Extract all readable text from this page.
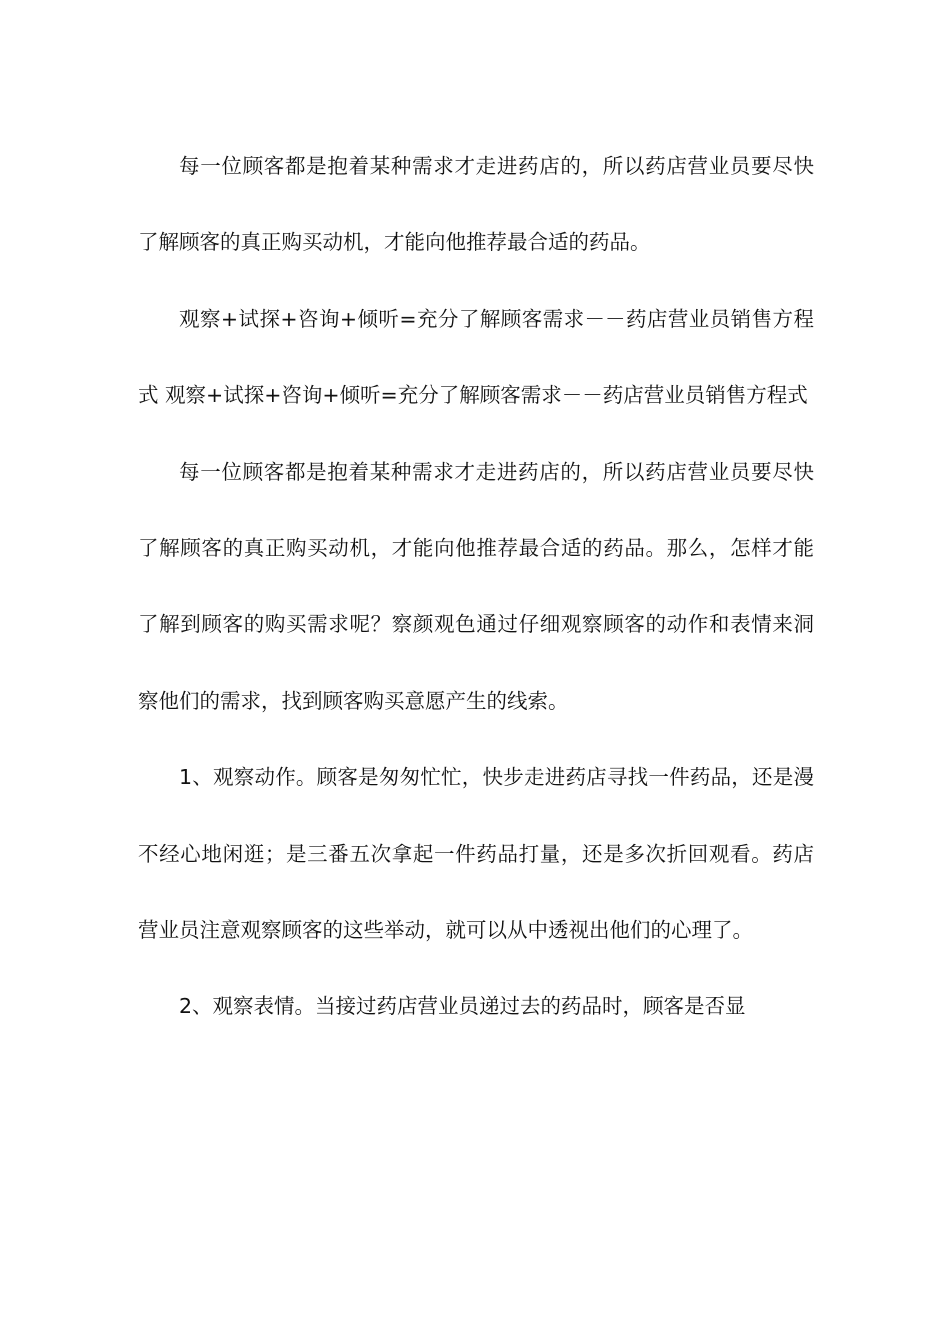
每一位顾客都是抱着某种需求才走进药店的，所以药店营业员要尽快了解顾客的真正购买动机，才能向他推荐最合适的药品。

观察+试探+咨询+倾听=充分了解顾客需求－－药店营业员销售方程式 观察+试探+咨询+倾听=充分了解顾客需求－－药店营业员销售方程式

每一位顾客都是抱着某种需求才走进药店的，所以药店营业员要尽快了解顾客的真正购买动机，才能向他推荐最合适的药品。那么，怎样才能了解到顾客的购买需求呢？察颜观色通过仔细观察顾客的动作和表情来洞察他们的需求，找到顾客购买意愿产生的线索。

1、观察动作。顾客是匆匆忙忙，快步走进药店寻找一件药品，还是漫不经心地闲逛；是三番五次拿起一件药品打量，还是多次折回观看。药店营业员注意观察顾客的这些举动，就可以从中透视出他们的心理了。

2、观察表情。当接过药店营业员递过去的药品时，顾客是否显
